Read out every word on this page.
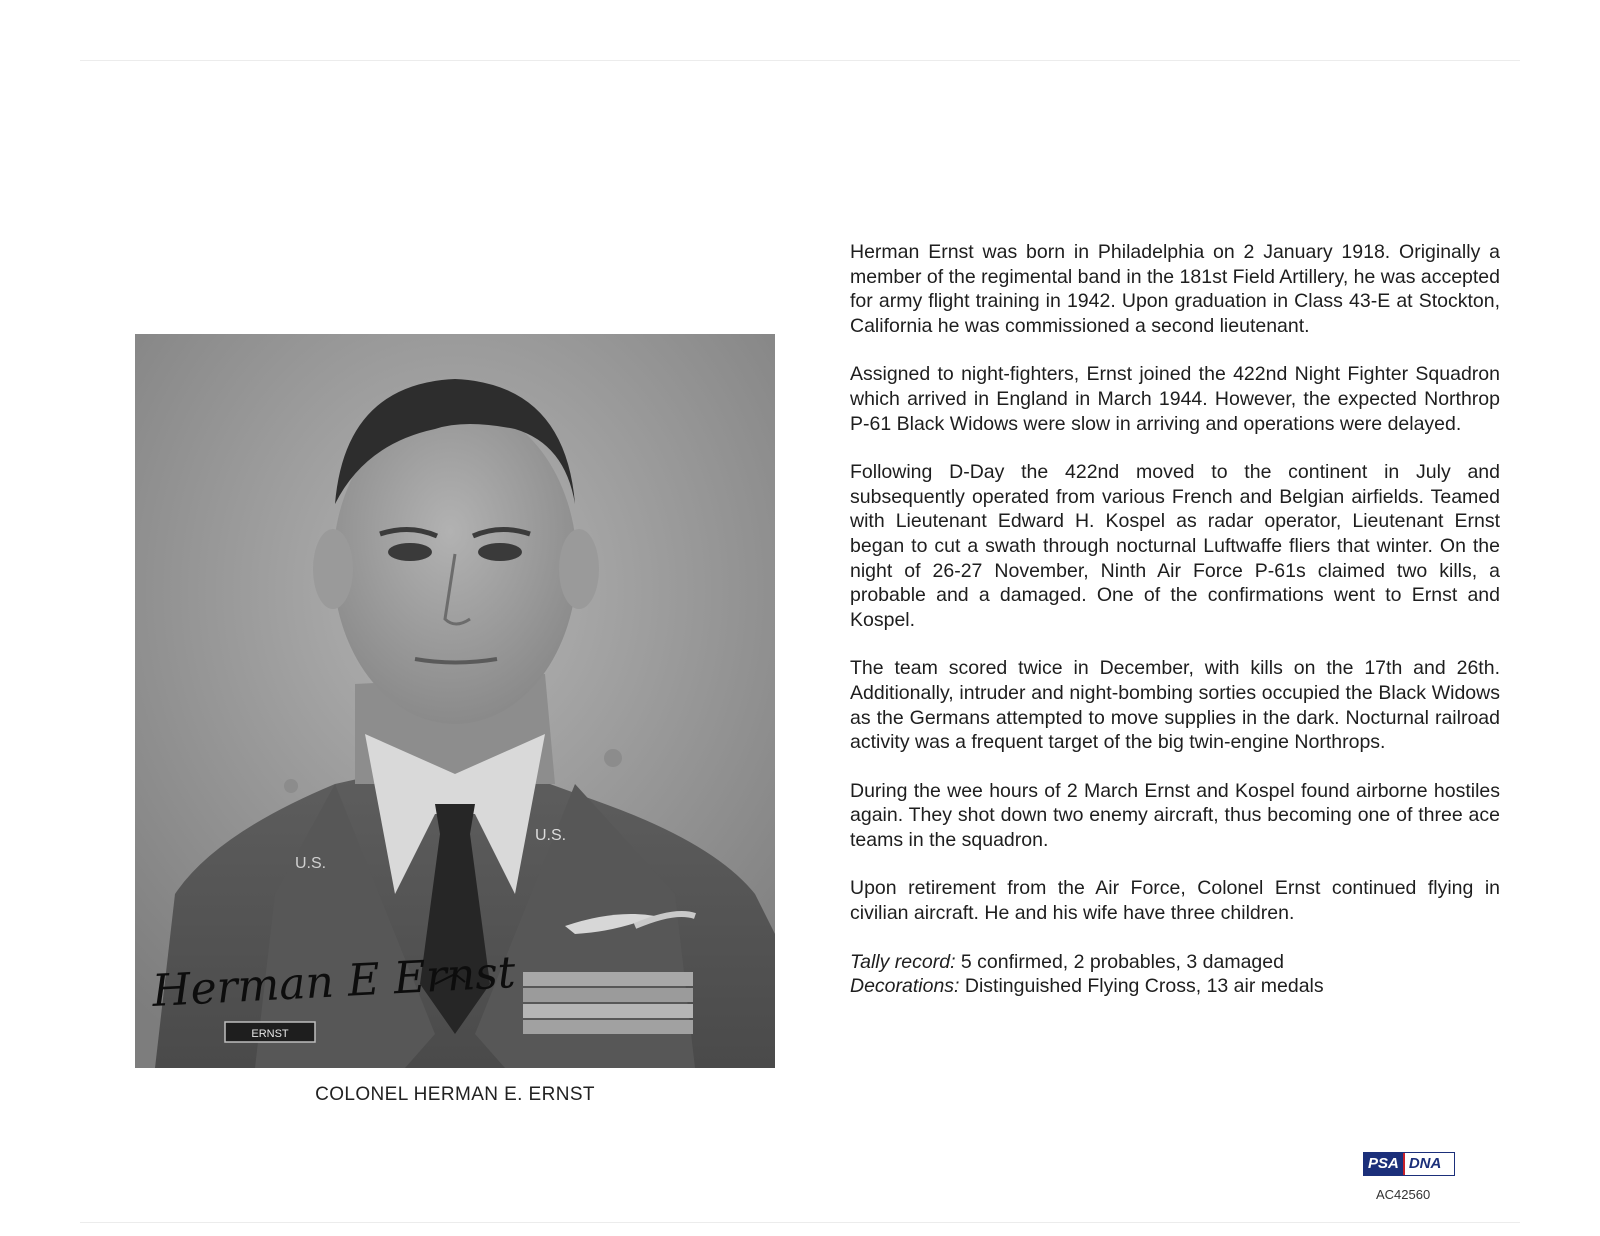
U.S.
U.S.
ERNST
Herman E Ernst
COLONEL HERMAN E. ERNST

Herman Ernst was born in Philadelphia on 2 January 1918. Originally a member of the regimental band in the 181st Field Artillery, he was accepted for army flight training in 1942. Upon graduation in Class 43-E at Stockton, California he was commissioned a second lieutenant.

Assigned to night-fighters, Ernst joined the 422nd Night Fighter Squadron which arrived in England in March 1944. However, the expected Northrop P-61 Black Widows were slow in arriving and operations were delayed.

Following D-Day the 422nd moved to the continent in July and subsequently operated from various French and Belgian airfields. Teamed with Lieutenant Edward H. Kospel as radar operator, Lieutenant Ernst began to cut a swath through nocturnal Luftwaffe fliers that winter. On the night of 26-27 November, Ninth Air Force P-61s claimed two kills, a probable and a damaged. One of the confirmations went to Ernst and Kospel.

The team scored twice in December, with kills on the 17th and 26th. Additionally, intruder and night-bombing sorties occupied the Black Widows as the Germans attempted to move supplies in the dark. Nocturnal railroad activity was a frequent target of the big twin-engine Northrops.

During the wee hours of 2 March Ernst and Kospel found airborne hostiles again. They shot down two enemy aircraft, thus becoming one of three ace teams in the squadron.

Upon retirement from the Air Force, Colonel Ernst continued flying in civilian aircraft. He and his wife have three children.

Tally record: 5 confirmed, 2 probables, 3 damaged
Decorations: Distinguished Flying Cross, 13 air medals
PSA DNA
AC42560
